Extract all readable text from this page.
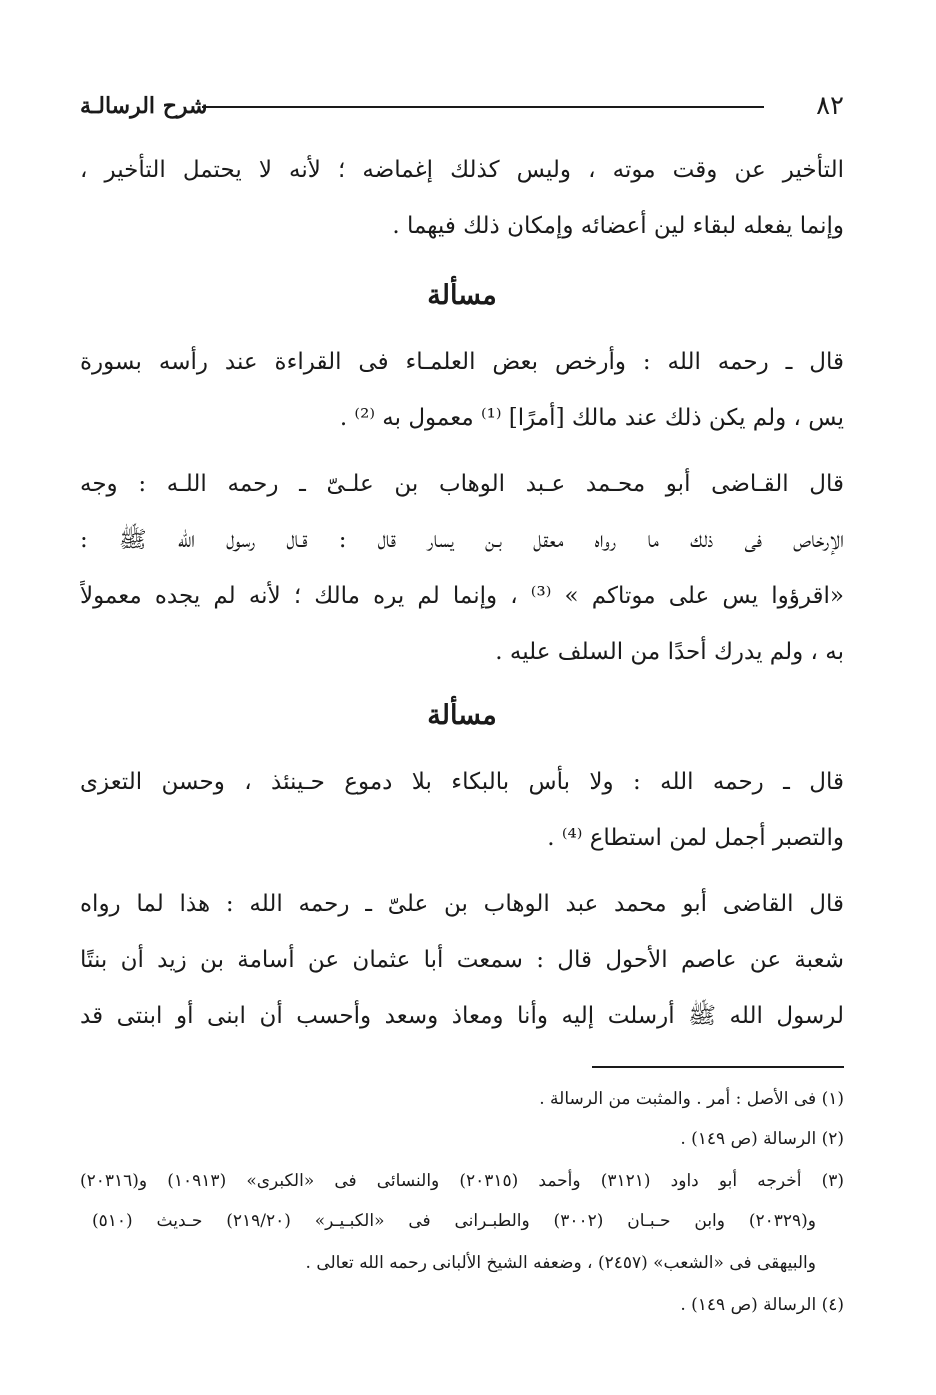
٨٢
شرح الرسالـة
التأخير عن وقت موته ، وليس كذلك إغماضه ؛ لأنه لا يحتمل التأخير ،
وإنما يفعله لبقاء لين أعضائه وإمكان ذلك فيهما .
مسألة
قال ـ رحمه الله : وأرخص بعض العلمـاء فى القراءة عند رأسه بسورة
يس ، ولم يكن ذلك عند مالك [أمرًا] ⁽¹⁾ معمول به ⁽²⁾ .
قال القـاضى أبو محـمد عـبد الوهاب بن علـىّ ـ رحمه اللـه : وجه
الإرخاص فى ذلك ما رواه معقل بـن يسار قال : قـال رسول الله ﷺ :
«اقرؤوا يس على موتاكم » ⁽³⁾ ، وإنما لم يره مالك ؛ لأنه لم يجده معمولاً
به ، ولم يدرك أحدًا من السلف عليه .
مسألة
قال ـ رحمه الله : ولا بأس بالبكاء بلا دموع حـينئذ ، وحسن التعزى
والتصبر أجمل لمن استطاع ⁽⁴⁾ .
قال القاضى أبو محمد عبد الوهاب بن علىّ ـ رحمه الله : هذا لما رواه
شعبة عن عاصم الأحول قال : سمعت أبا عثمان عن أسامة بن زيد أن بنتًا
لرسول الله ﷺ أرسلت إليه وأنا ومعاذ وسعد وأحسب أن ابنى أو ابنتى قد
(١) فى الأصل : أمر . والمثبت من الرسالة .
(٢) الرسالة (ص ١٤٩) .
(٣) أخرجه أبو داود (٣١٢١) وأحمد (٢٠٣١٥) والنسائى فى «الكبرى» (١٠٩١٣) و(٢٠٣١٦)
و(٢٠٣٢٩) وابن حـبـان (٣٠٠٢) والطبـرانى فى «الكبـيـر» (٢١٩/٢٠) حـديث (٥١٠)
والبيهقى فى «الشعب» (٢٤٥٧) ، وضعفه الشيخ الألبانى رحمه الله تعالى .
(٤) الرسالة (ص ١٤٩) .
